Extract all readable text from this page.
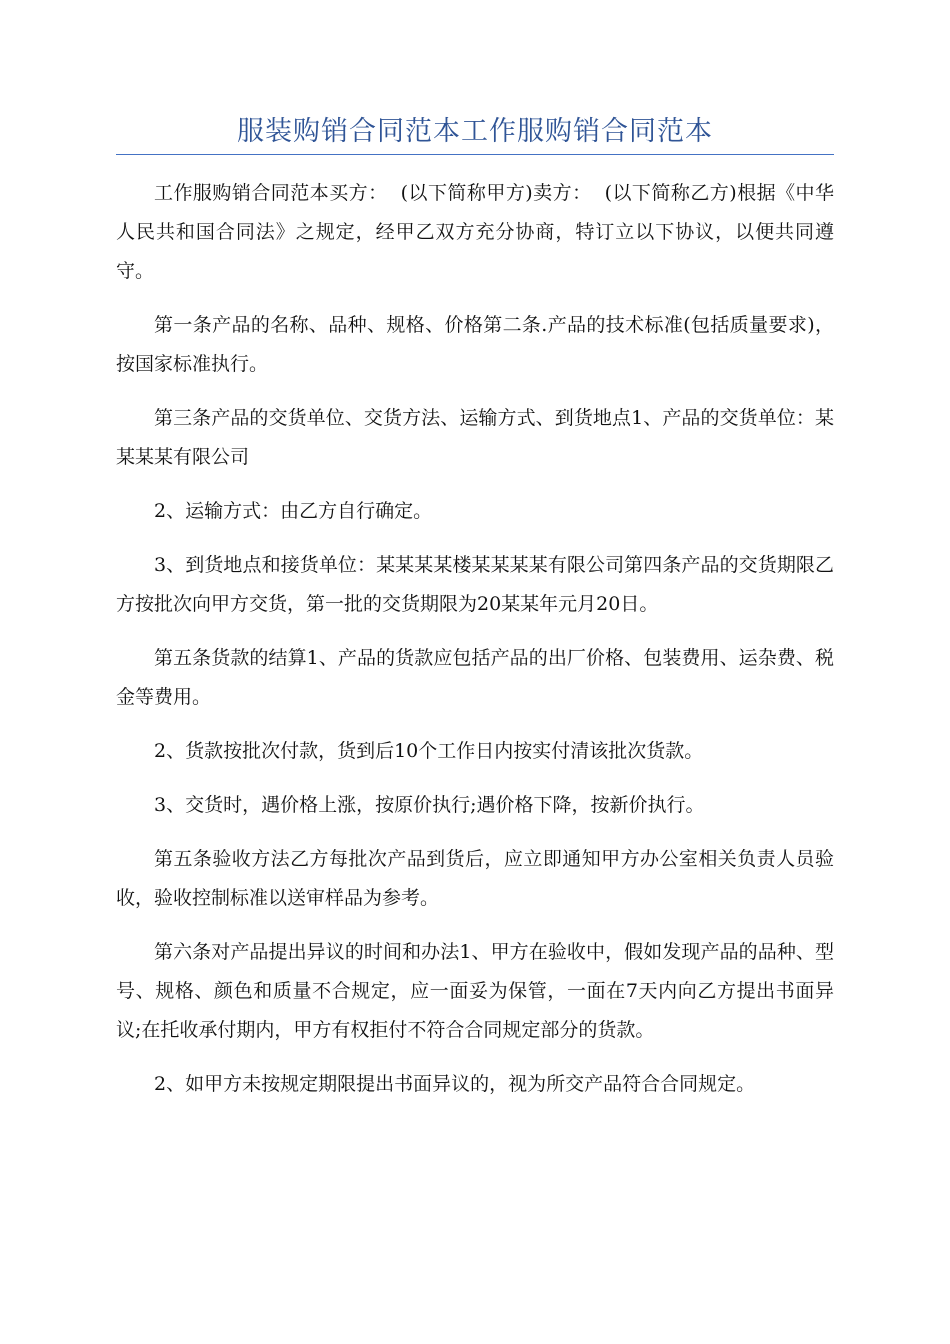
服装购销合同范本工作服购销合同范本

工作服购销合同范本买方：  (以下简称甲方)卖方：  (以下简称乙方)根据《中华人民共和国合同法》之规定，经甲乙双方充分协商，特订立以下协议，以便共同遵守。

第一条产品的名称、品种、规格、价格第二条.产品的技术标准(包括质量要求)，按国家标准执行。

第三条产品的交货单位、交货方法、运输方式、到货地点1、产品的交货单位：某某某某有限公司

2、运输方式：由乙方自行确定。

3、到货地点和接货单位：某某某某楼某某某某有限公司第四条产品的交货期限乙方按批次向甲方交货，第一批的交货期限为20某某年元月20日。

第五条货款的结算1、产品的货款应包括产品的出厂价格、包装费用、运杂费、税金等费用。

2、货款按批次付款，货到后10个工作日内按实付清该批次货款。

3、交货时，遇价格上涨，按原价执行;遇价格下降，按新价执行。

第五条验收方法乙方每批次产品到货后，应立即通知甲方办公室相关负责人员验收，验收控制标准以送审样品为参考。

第六条对产品提出异议的时间和办法1、甲方在验收中，假如发现产品的品种、型号、规格、颜色和质量不合规定，应一面妥为保管，一面在7天内向乙方提出书面异议;在托收承付期内，甲方有权拒付不符合合同规定部分的货款。

2、如甲方未按规定期限提出书面异议的，视为所交产品符合合同规定。
